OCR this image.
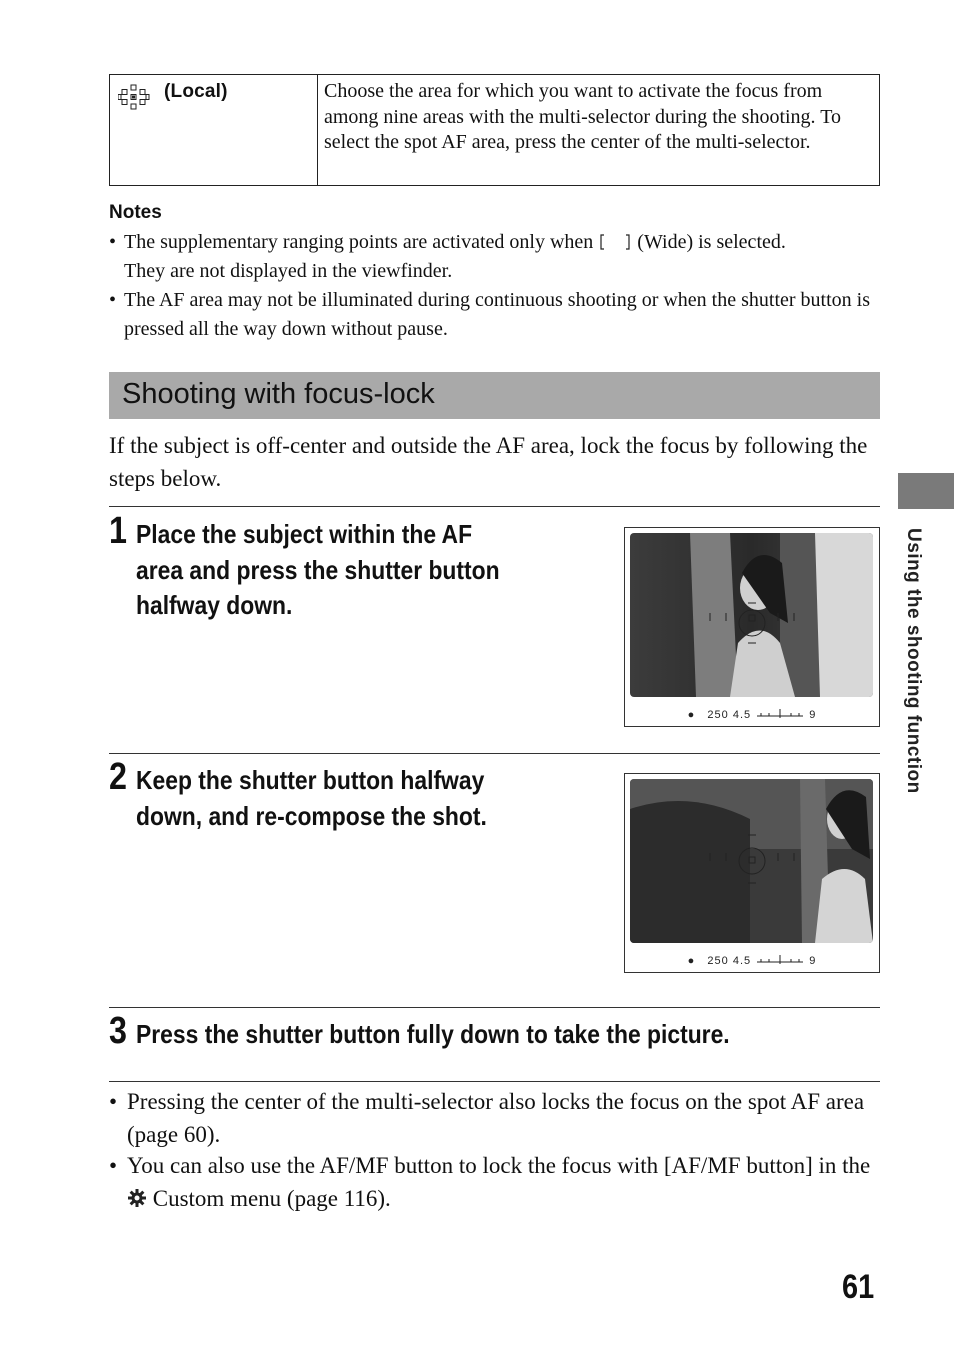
(Local)	Choose the area for which you want to activate the focus from among nine areas with the multi-selector during the shooting. To select the spot AF area, press the center of the multi-selector.
Notes
• The supplementary ranging points are activated only when (Wide) is selected.
They are not displayed in the viewfinder.
• The AF area may not be illuminated during continuous shooting or when the shutter button is pressed all the way down without pause.
Shooting with focus-lock
If the subject is off-center and outside the AF area, lock the focus by following the steps below.
1 Place the subject within the AF area and press the shutter button halfway down.
● 250 4.5	9
2 Keep the shutter button halfway down, and re-compose the shot.
● 250 4.5	9
3 Press the shutter button fully down to take the picture.
• Pressing the center of the multi-selector also locks the focus on the spot AF area (page 60).
• You can also use the AF/MF button to lock the focus with [AF/MF button] in the  Custom menu (page 116).
Using the shooting function
61
